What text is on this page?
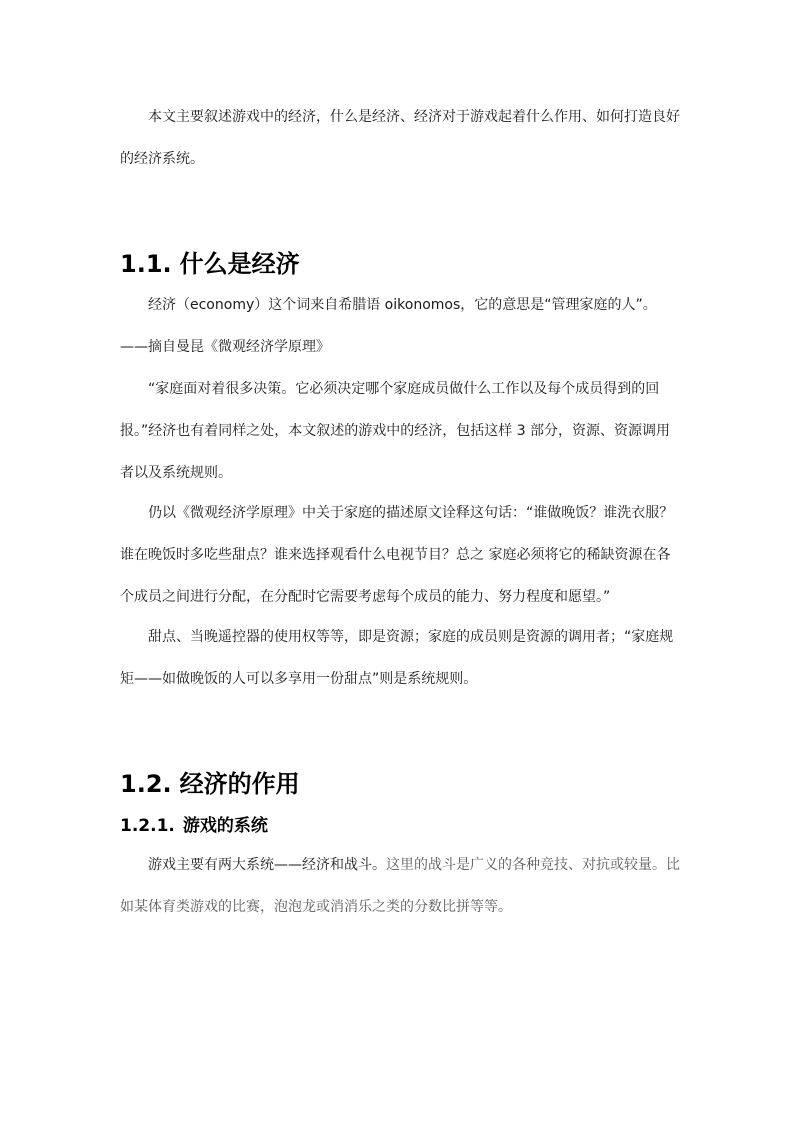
本文主要叙述游戏中的经济，什么是经济、经济对于游戏起着什么作用、如何打造良好的经济系统。

1.1. 什么是经济

经济（economy）这个词来自希腊语 oikonomos，它的意思是“管理家庭的人”。——摘自曼昆《微观经济学原理》

“家庭面对着很多决策。它必须决定哪个家庭成员做什么工作以及每个成员得到的回报。”经济也有着同样之处，本文叙述的游戏中的经济，包括这样 3 部分，资源、资源调用者以及系统规则。

仍以《微观经济学原理》中关于家庭的描述原文诠释这句话：“谁做晚饭？谁洗衣服？谁在晚饭时多吃些甜点？谁来选择观看什么电视节目？总之 家庭必须将它的稀缺资源在各个成员之间进行分配，在分配时它需要考虑每个成员的能力、努力程度和愿望。”

甜点、当晚遥控器的使用权等等，即是资源；家庭的成员则是资源的调用者；“家庭规矩——如做晚饭的人可以多享用一份甜点”则是系统规则。

1.2. 经济的作用
1.2.1. 游戏的系统

游戏主要有两大系统——经济和战斗。这里的战斗是广义的各种竞技、对抗或较量。比如某体育类游戏的比赛，泡泡龙或消消乐之类的分数比拼等等。
